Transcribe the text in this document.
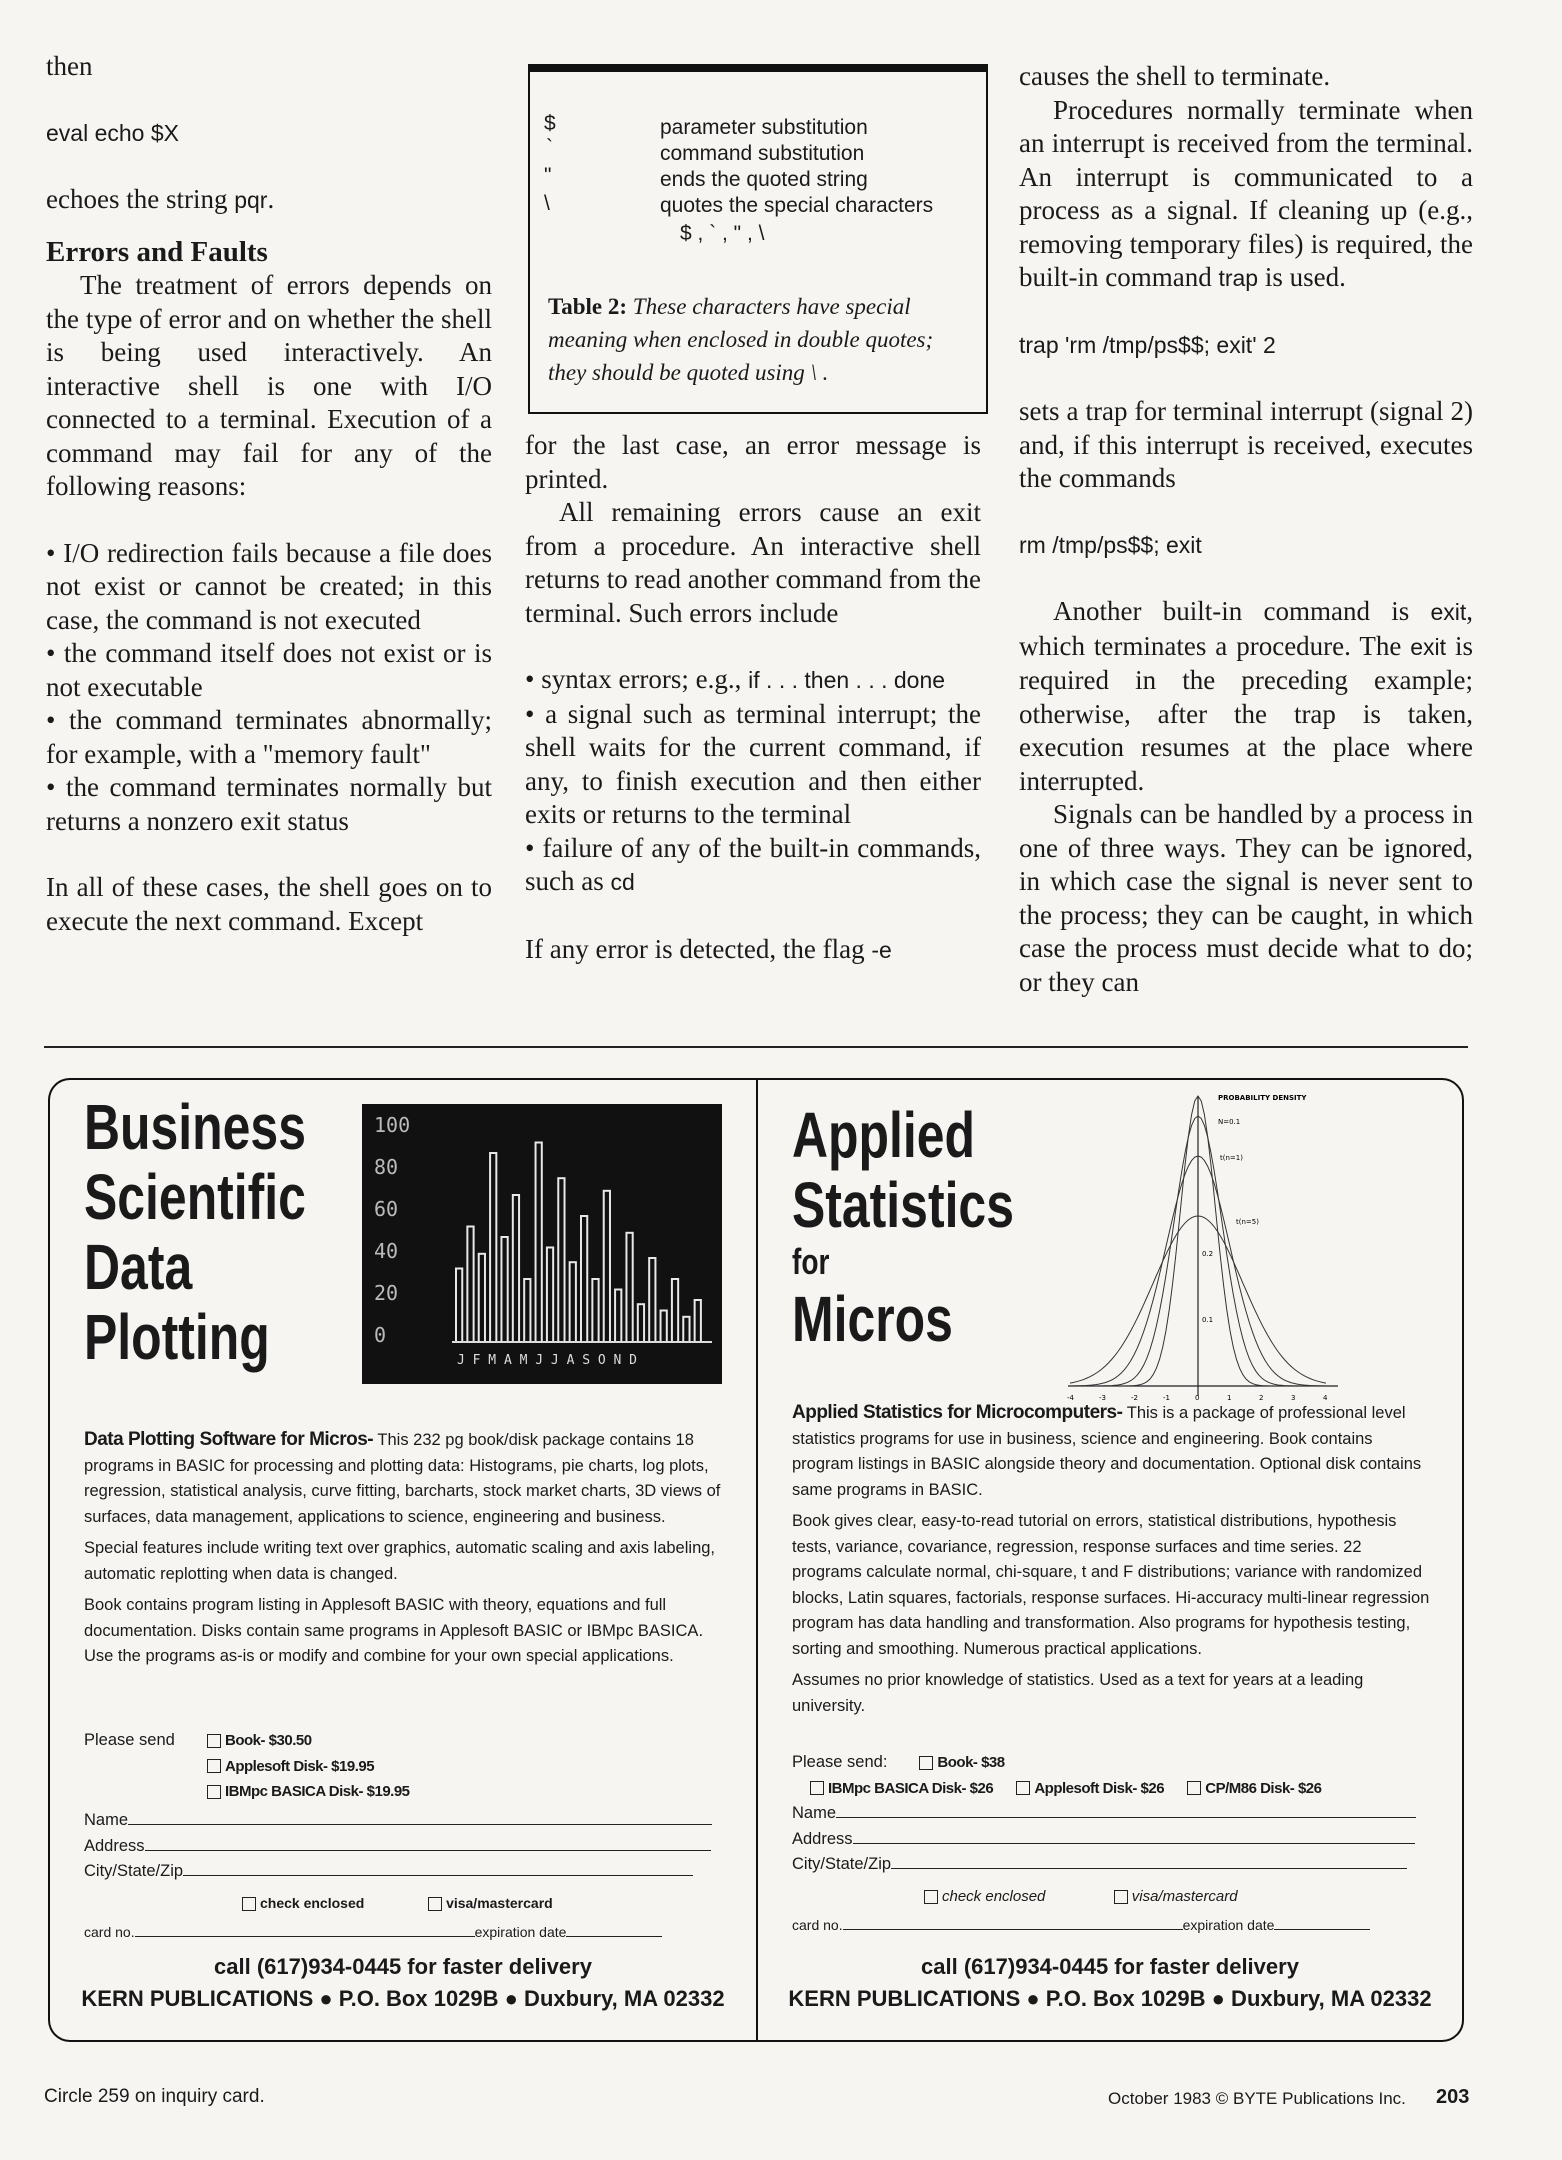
then

eval echo $X

echoes the string pqr.

Errors and Faults

The treatment of errors depends on the type of error and on whether the shell is being used interactively. An interactive shell is one with I/O connected to a terminal. Execution of a command may fail for any of the following reasons:

• I/O redirection fails because a file does not exist or cannot be created; in this case, the command is not executed

• the command itself does not exist or is not executable

• the command terminates abnormally; for example, with a "memory fault"

• the command terminates normally but returns a nonzero exit status

In all of these cases, the shell goes on to execute the next command. Except

$	parameter substitution
`	command substitution
"	ends the quoted string
\	quotes the special characters
$ , ` , " , \
Table 2: These characters have special meaning when enclosed in double quotes; they should be quoted using \ .

for the last case, an error message is printed.

All remaining errors cause an exit from a procedure. An interactive shell returns to read another command from the terminal. Such errors include

• syntax errors; e.g., if . . . then . . . done

• a signal such as terminal interrupt; the shell waits for the current command, if any, to finish execution and then either exits or returns to the terminal

• failure of any of the built-in commands, such as cd

If any error is detected, the flag -e

causes the shell to terminate.

Procedures normally terminate when an interrupt is received from the terminal. An interrupt is communicated to a process as a signal. If cleaning up (e.g., removing temporary files) is required, the built-in command trap is used.

trap 'rm /tmp/ps$$; exit' 2

sets a trap for terminal interrupt (signal 2) and, if this interrupt is received, executes the commands

rm /tmp/ps$$; exit

Another built-in command is exit, which terminates a procedure. The exit is required in the preceding example; otherwise, after the trap is taken, execution resumes at the place where interrupted.

Signals can be handled by a process in one of three ways. They can be ignored, in which case the signal is never sent to the process; they can be caught, in which case the process must decide what to do; or they can

Business
Scientific
Data
Plotting
100
80
60
40
20
0
J F M A M J J A S O N D

Data Plotting Software for Micros- This 232 pg book/disk package contains 18 programs in BASIC for processing and plotting data: Histograms, pie charts, log plots, regression, statistical analysis, curve fitting, barcharts, stock market charts, 3D views of surfaces, data management, applications to science, engineering and business.

Special features include writing text over graphics, automatic scaling and axis labeling, automatic replotting when data is changed.

Book contains program listing in Applesoft BASIC with theory, equations and full documentation. Disks contain same programs in Applesoft BASIC or IBMpc BASICA. Use the programs as-is or modify and combine for your own special applications.

Please send	Book- $30.50
Applesoft Disk- $19.95
IBMpc BASICA Disk- $19.95
Name
Address
City/State/Zip
check enclosed	visa/mastercard
card no.	expiration date
call (617)934-0445 for faster delivery
KERN PUBLICATIONS ● P.O. Box 1029B ● Duxbury, MA 02332
Applied
Statistics
for
Micros
PROBABILITY DENSITY
-4	-3	-2	-1	0	1	2	3	4
N=0.1
t(n=1)
t(n=5)
0.2
0.1

Applied Statistics for Microcomputers- This is a package of professional level statistics programs for use in business, science and engineering. Book contains program listings in BASIC alongside theory and documentation. Optional disk contains same programs in BASIC.

Book gives clear, easy-to-read tutorial on errors, statistical distributions, hypothesis tests, variance, covariance, regression, response surfaces and time series. 22 programs calculate normal, chi-square, t and F distributions; variance with randomized blocks, Latin squares, factorials, response surfaces. Hi-accuracy multi-linear regression program has data handling and transformation. Also programs for hypothesis testing, sorting and smoothing. Numerous practical applications.

Assumes no prior knowledge of statistics. Used as a text for years at a leading university.

Please send:	Book- $38
IBMpc BASICA Disk- $26	Applesoft Disk- $26	CP/M86 Disk- $26
Name
Address
City/State/Zip
check enclosed	visa/mastercard
card no.	expiration date
call (617)934-0445 for faster delivery
KERN PUBLICATIONS ● P.O. Box 1029B ● Duxbury, MA 02332
Circle 259 on inquiry card.	October 1983 © BYTE Publications Inc. 203
